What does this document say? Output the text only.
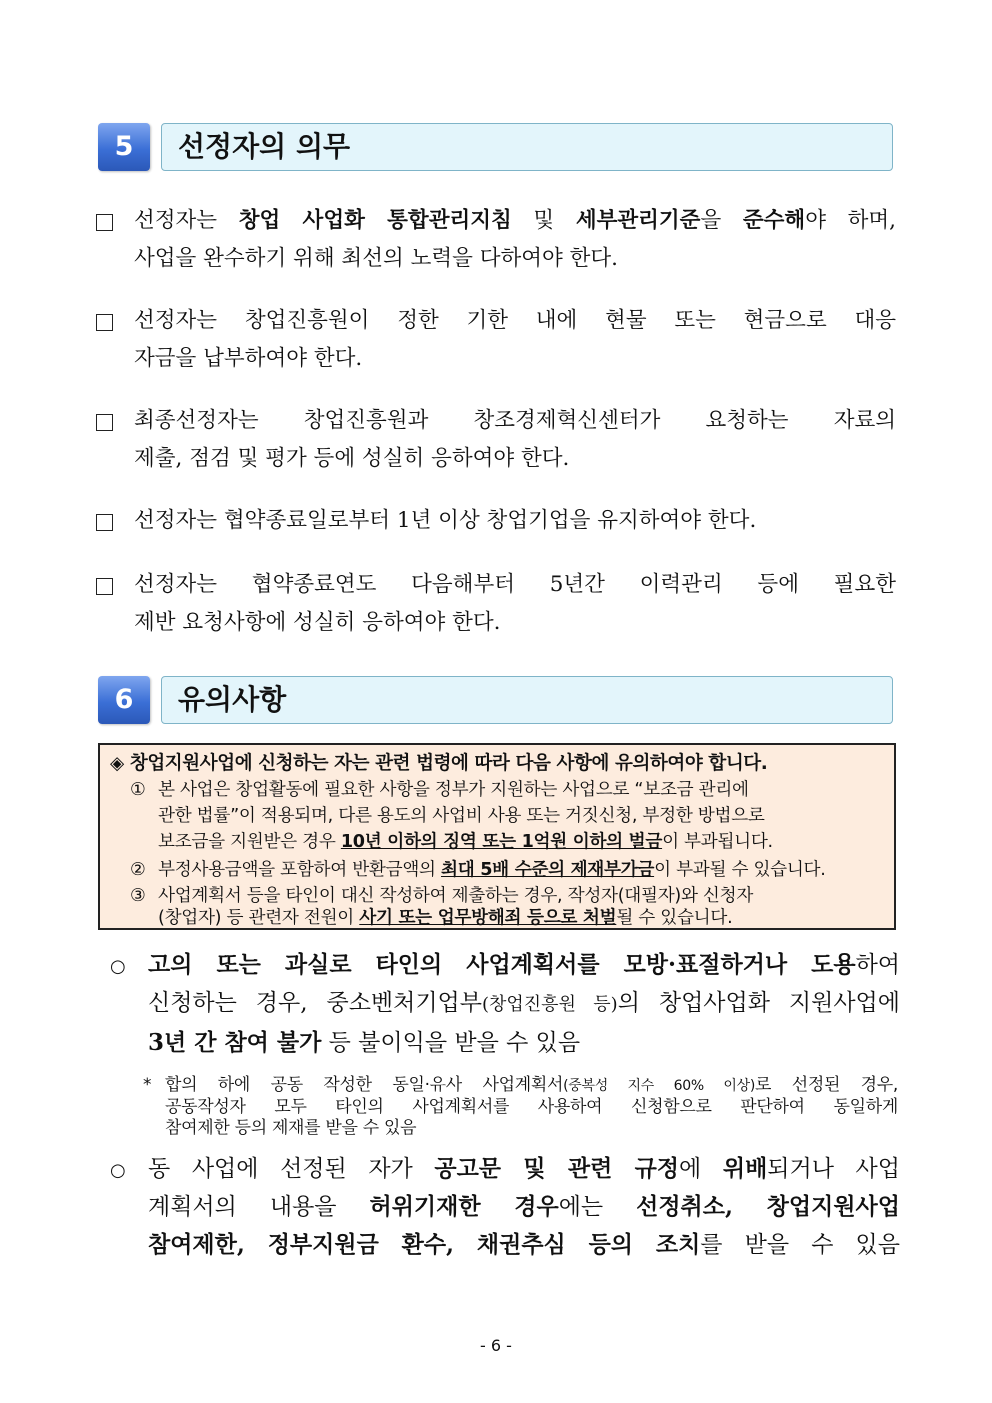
5	선정자의 의무
선정자는 창업 사업화 통합관리지침 및 세부관리기준을 준수해야 하며,
사업을 완수하기 위해 최선의 노력을 다하여야 한다.
선정자는 창업진흥원이 정한 기한 내에 현물 또는 현금으로 대응
자금을 납부하여야 한다.
최종선정자는 창업진흥원과 창조경제혁신센터가 요청하는 자료의
제출, 점검 및 평가 등에 성실히 응하여야 한다.
선정자는 협약종료일로부터 1년 이상 창업기업을 유지하여야 한다.
선정자는 협약종료연도 다음해부터 5년간 이력관리 등에 필요한
제반 요청사항에 성실히 응하여야 한다.
6	유의사항
◈ 창업지원사업에 신청하는 자는 관련 법령에 따라 다음 사항에 유의하여야 합니다.
① 본 사업은 창업활동에 필요한 사항을 정부가 지원하는 사업으로 “보조금 관리에
관한 법률”이 적용되며, 다른 용도의 사업비 사용 또는 거짓신청, 부정한 방법으로
보조금을 지원받은 경우 10년 이하의 징역 또는 1억원 이하의 벌금이 부과됩니다.
② 부정사용금액을 포함하여 반환금액의 최대 5배 수준의 제재부가금이 부과될 수 있습니다.
③ 사업계획서 등을 타인이 대신 작성하여 제출하는 경우, 작성자(대필자)와 신청자
(창업자) 등 관련자 전원이 사기 또는 업무방해죄 등으로 처벌될 수 있습니다.
○ 고의 또는 과실로 타인의 사업계획서를 모방·표절하거나 도용하여
신청하는 경우, 중소벤처기업부(창업진흥원 등)의 창업사업화 지원사업에
3년 간 참여 불가 등 불이익을 받을 수 있음
* 합의 하에 공동 작성한 동일·유사 사업계획서(중복성 지수 60% 이상)로 선정된 경우,
공동작성자 모두 타인의 사업계획서를 사용하여 신청함으로 판단하여 동일하게
참여제한 등의 제재를 받을 수 있음
○ 동 사업에 선정된 자가 공고문 및 관련 규정에 위배되거나 사업
계획서의 내용을 허위기재한 경우에는 선정취소, 창업지원사업
참여제한, 정부지원금 환수, 채권추심 등의 조치를 받을 수 있음
- 6 -
